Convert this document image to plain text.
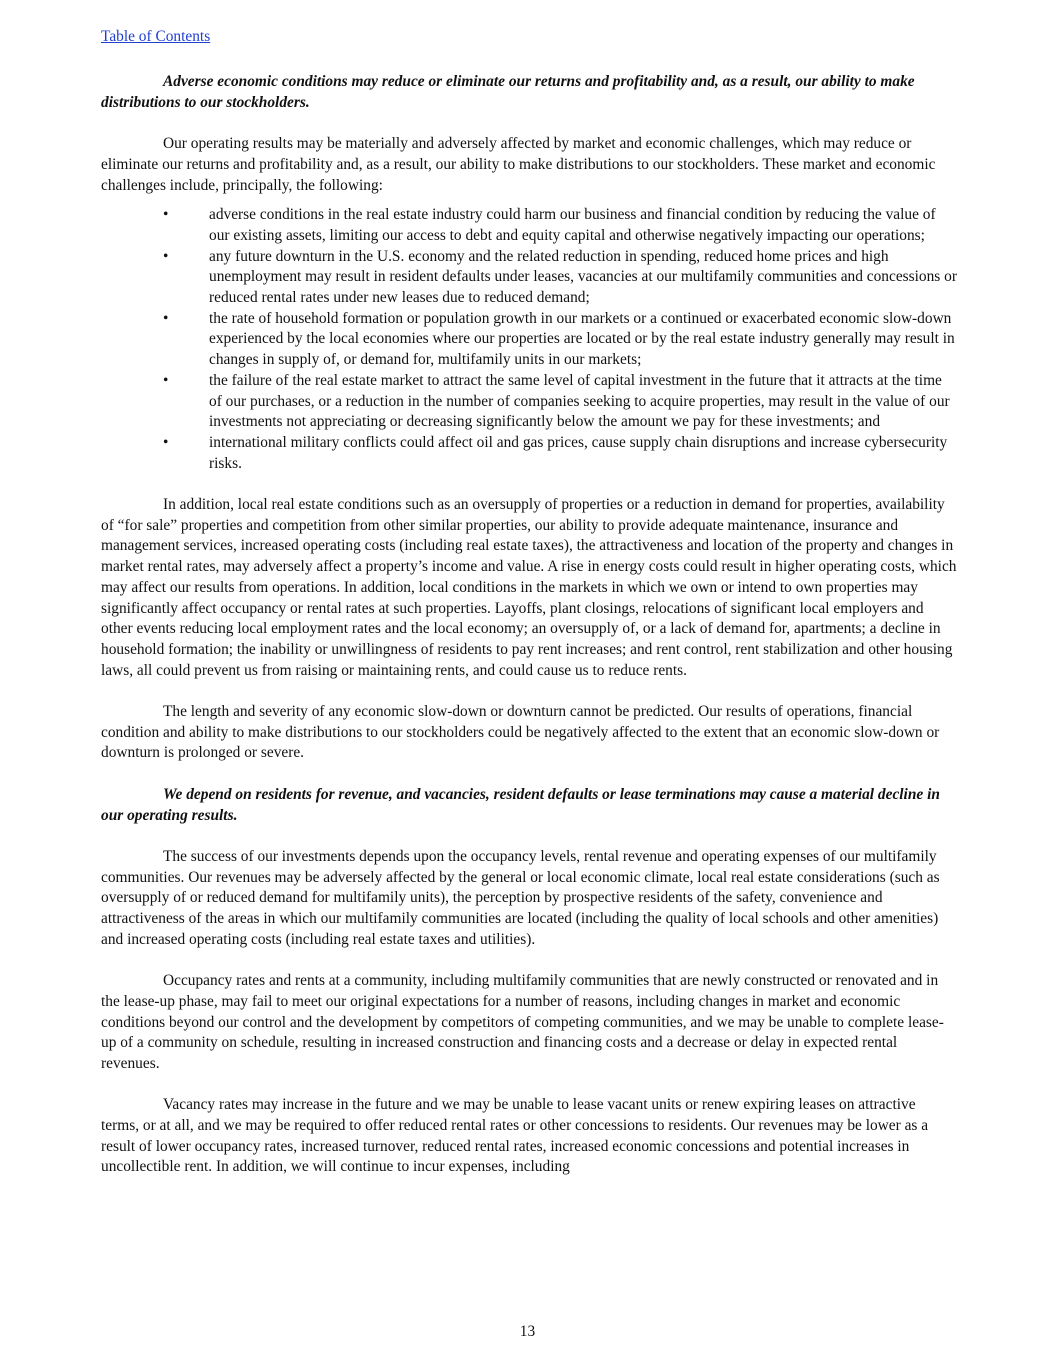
Table of Contents

Adverse economic conditions may reduce or eliminate our returns and profitability and, as a result, our ability to make distributions to our stockholders.

Our operating results may be materially and adversely affected by market and economic challenges, which may reduce or eliminate our returns and profitability and, as a result, our ability to make distributions to our stockholders. These market and economic challenges include, principally, the following:

•	adverse conditions in the real estate industry could harm our business and financial condition by reducing the value of our existing assets, limiting our access to debt and equity capital and otherwise negatively impacting our operations;
•	any future downturn in the U.S. economy and the related reduction in spending, reduced home prices and high unemployment may result in resident defaults under leases, vacancies at our multifamily communities and concessions or reduced rental rates under new leases due to reduced demand;
•	the rate of household formation or population growth in our markets or a continued or exacerbated economic slow-down experienced by the local economies where our properties are located or by the real estate industry generally may result in changes in supply of, or demand for, multifamily units in our markets;
•	the failure of the real estate market to attract the same level of capital investment in the future that it attracts at the time of our purchases, or a reduction in the number of companies seeking to acquire properties, may result in the value of our investments not appreciating or decreasing significantly below the amount we pay for these investments; and
•	international military conflicts could affect oil and gas prices, cause supply chain disruptions and increase cybersecurity risks.

In addition, local real estate conditions such as an oversupply of properties or a reduction in demand for properties, availability of “for sale” properties and competition from other similar properties, our ability to provide adequate maintenance, insurance and management services, increased operating costs (including real estate taxes), the attractiveness and location of the property and changes in market rental rates, may adversely affect a property’s income and value. A rise in energy costs could result in higher operating costs, which may affect our results from operations. In addition, local conditions in the markets in which we own or intend to own properties may significantly affect occupancy or rental rates at such properties. Layoffs, plant closings, relocations of significant local employers and other events reducing local employment rates and the local economy; an oversupply of, or a lack of demand for, apartments; a decline in household formation; the inability or unwillingness of residents to pay rent increases; and rent control, rent stabilization and other housing laws, all could prevent us from raising or maintaining rents, and could cause us to reduce rents.

The length and severity of any economic slow-down or downturn cannot be predicted. Our results of operations, financial condition and ability to make distributions to our stockholders could be negatively affected to the extent that an economic slow-down or downturn is prolonged or severe.

We depend on residents for revenue, and vacancies, resident defaults or lease terminations may cause a material decline in our operating results.

The success of our investments depends upon the occupancy levels, rental revenue and operating expenses of our multifamily communities. Our revenues may be adversely affected by the general or local economic climate, local real estate considerations (such as oversupply of or reduced demand for multifamily units), the perception by prospective residents of the safety, convenience and attractiveness of the areas in which our multifamily communities are located (including the quality of local schools and other amenities) and increased operating costs (including real estate taxes and utilities).

Occupancy rates and rents at a community, including multifamily communities that are newly constructed or renovated and in the lease-up phase, may fail to meet our original expectations for a number of reasons, including changes in market and economic conditions beyond our control and the development by competitors of competing communities, and we may be unable to complete lease-up of a community on schedule, resulting in increased construction and financing costs and a decrease or delay in expected rental revenues.

Vacancy rates may increase in the future and we may be unable to lease vacant units or renew expiring leases on attractive terms, or at all, and we may be required to offer reduced rental rates or other concessions to residents. Our revenues may be lower as a result of lower occupancy rates, increased turnover, reduced rental rates, increased economic concessions and potential increases in uncollectible rent. In addition, we will continue to incur expenses, including

13
